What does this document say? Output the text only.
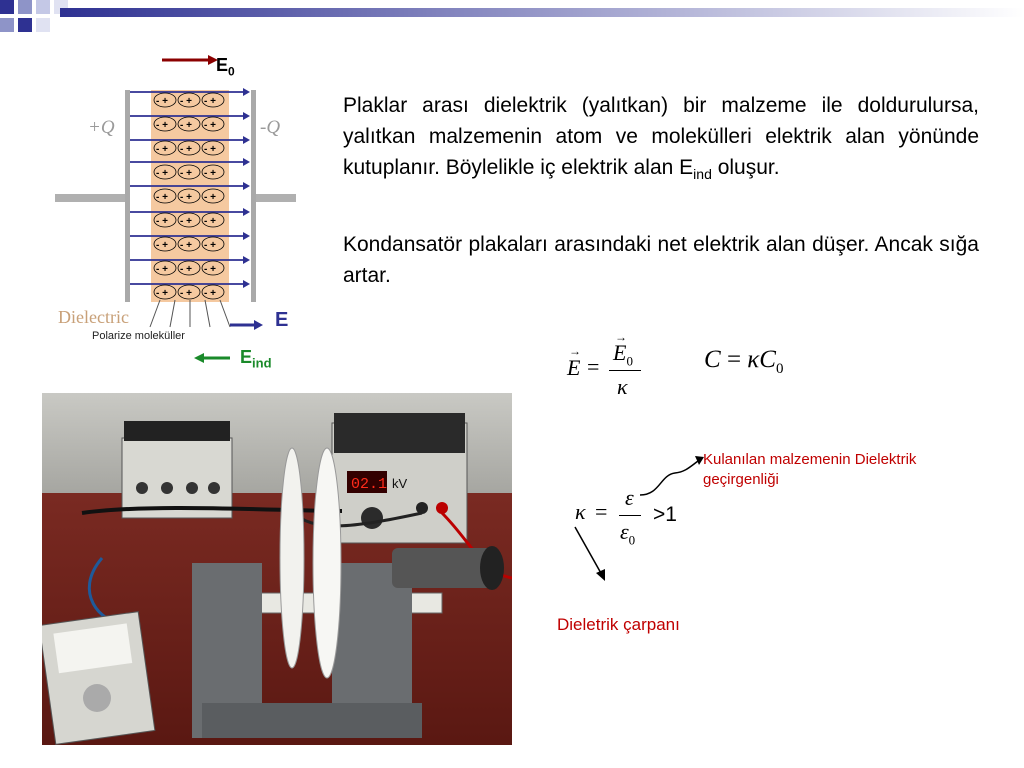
- + - + - +
- + - + - +
- + - + - +
- + - + - +
- + - + - +
- + - + - +
- + - + - +
- + - + - +
- + - + - +
$E_0$
+Q	-Q
Dielectric
Polarize moleküller
E
$E_{ind}$
Plaklar arası dielektrik (yalıtkan) bir malzeme ile doldurulursa, yalıtkan malzemenin atom ve molekülleri elektrik alan yönünde kutuplanır. Böylelikle iç elektrik alan $E_{ind}$ oluşur.
Kondansatör plakaları arasındaki net elektrik alan düşer. Ancak sığa artar.
E
→
=
$E_0$
→
κ
$C = \kappa C_0$
κ =
ε
$\varepsilon_0$
>1
Kulanılan malzemenin Dielektrik geçirgenliği
Dieletrik çarpanı
02.1 kV
